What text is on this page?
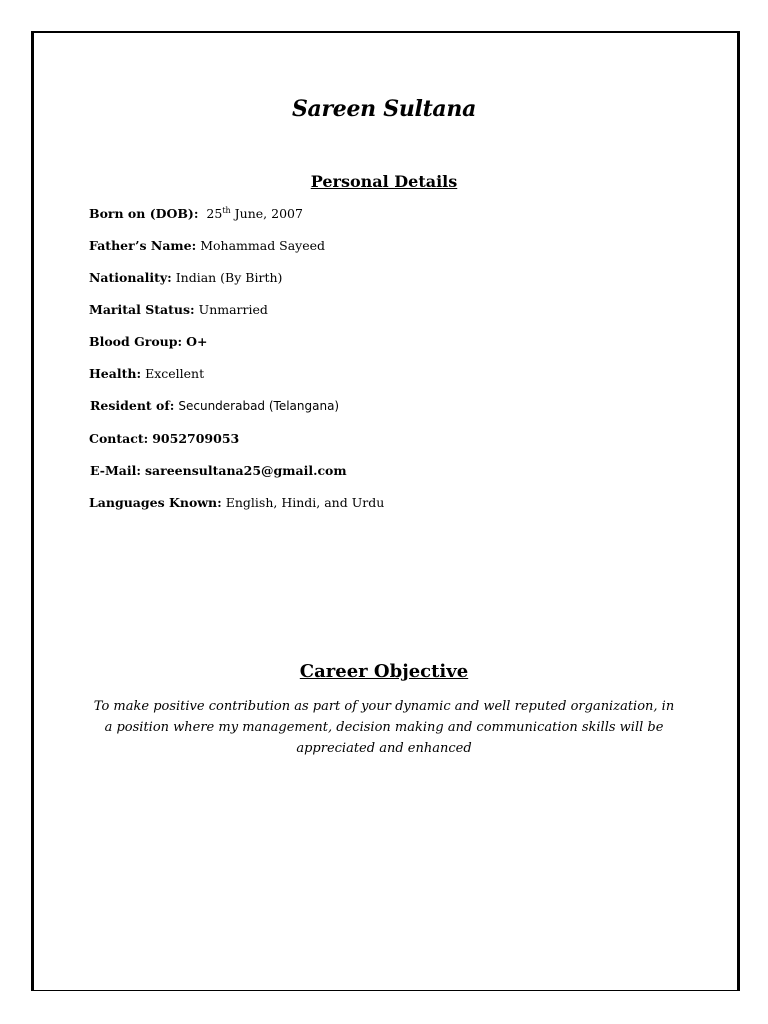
Sareen Sultana
Personal Details
Born on (DOB): 25th June, 2007
Father’s Name: Mohammad Sayeed
Nationality: Indian (By Birth)
Marital Status: Unmarried
Blood Group: O+
Health: Excellent
Resident of: Secunderabad (Telangana)
Contact: 9052709053
E-Mail: sareensultana25@gmail.com
Languages Known: English, Hindi, and Urdu
Career Objective
To make positive contribution as part of your dynamic and well reputed organization, in a position where my management, decision making and communication skills will be appreciated and enhanced
